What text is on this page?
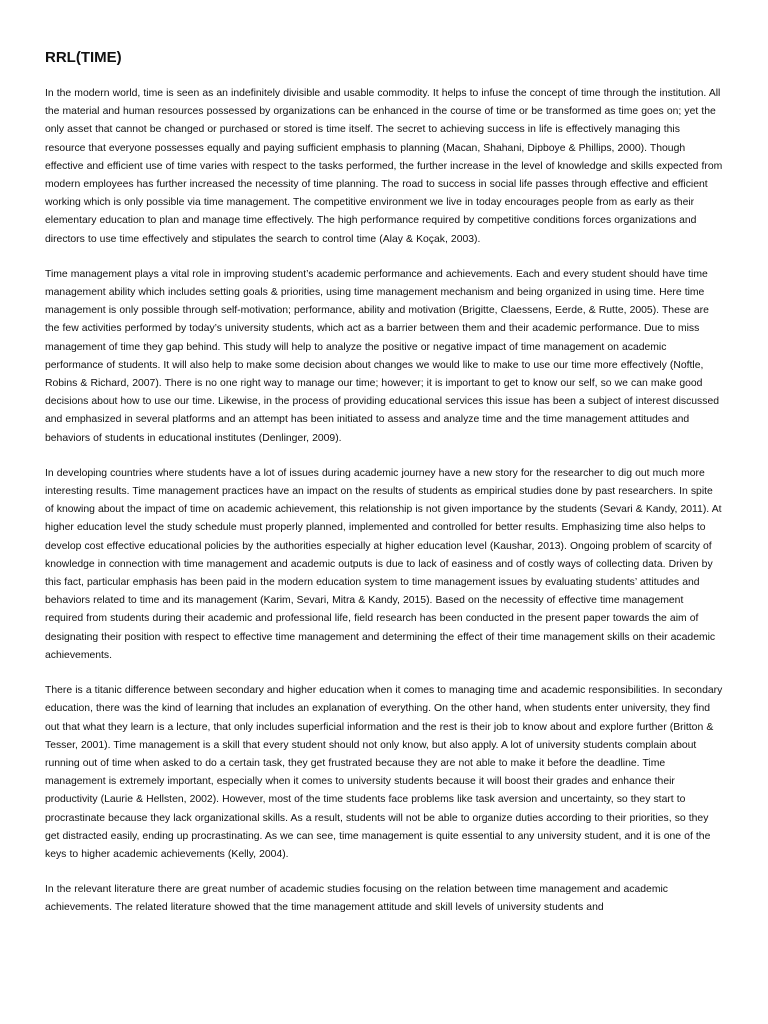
RRL(TIME)

In the modern world, time is seen as an indefinitely divisible and usable commodity. It helps to infuse the concept of time through the institution. All the material and human resources possessed by organizations can be enhanced in the course of time or be transformed as time goes on; yet the only asset that cannot be changed or purchased or stored is time itself. The secret to achieving success in life is effectively managing this resource that everyone possesses equally and paying sufficient emphasis to planning (Macan, Shahani, Dipboye & Phillips, 2000). Though effective and efficient use of time varies with respect to the tasks performed, the further increase in the level of knowledge and skills expected from modern employees has further increased the necessity of time planning. The road to success in social life passes through effective and efficient working which is only possible via time management. The competitive environment we live in today encourages people from as early as their elementary education to plan and manage time effectively. The high performance required by competitive conditions forces organizations and directors to use time effectively and stipulates the search to control time (Alay & Koçak, 2003).

Time management plays a vital role in improving student’s academic performance and achievements. Each and every student should have time management ability which includes setting goals & priorities, using time management mechanism and being organized in using time. Here time management is only possible through self-motivation; performance, ability and motivation (Brigitte, Claessens, Eerde, & Rutte, 2005). These are the few activities performed by today’s university students, which act as a barrier between them and their academic performance. Due to miss management of time they gap behind. This study will help to analyze the positive or negative impact of time management on academic performance of students. It will also help to make some decision about changes we would like to make to use our time more effectively (Noftle, Robins & Richard, 2007). There is no one right way to manage our time; however; it is important to get to know our self, so we can make good decisions about how to use our time. Likewise, in the process of providing educational services this issue has been a subject of interest discussed and emphasized in several platforms and an attempt has been initiated to assess and analyze time and the time management attitudes and behaviors of students in educational institutes (Denlinger, 2009).

In developing countries where students have a lot of issues during academic journey have a new story for the researcher to dig out much more interesting results. Time management practices have an impact on the results of students as empirical studies done by past researchers. In spite of knowing about the impact of time on academic achievement, this relationship is not given importance by the students (Sevari & Kandy, 2011). At higher education level the study schedule must properly planned, implemented and controlled for better results. Emphasizing time also helps to develop cost effective educational policies by the authorities especially at higher education level (Kaushar, 2013). Ongoing problem of scarcity of knowledge in connection with time management and academic outputs is due to lack of easiness and of costly ways of collecting data. Driven by this fact, particular emphasis has been paid in the modern education system to time management issues by evaluating students’ attitudes and behaviors related to time and its management (Karim, Sevari, Mitra & Kandy, 2015). Based on the necessity of effective time management required from students during their academic and professional life, field research has been conducted in the present paper towards the aim of designating their position with respect to effective time management and determining the effect of their time management skills on their academic achievements.

There is a titanic difference between secondary and higher education when it comes to managing time and academic responsibilities. In secondary education, there was the kind of learning that includes an explanation of everything. On the other hand, when students enter university, they find out that what they learn is a lecture, that only includes superficial information and the rest is their job to know about and explore further (Britton & Tesser, 2001). Time management is a skill that every student should not only know, but also apply. A lot of university students complain about running out of time when asked to do a certain task, they get frustrated because they are not able to make it before the deadline. Time management is extremely important, especially when it comes to university students because it will boost their grades and enhance their productivity (Laurie & Hellsten, 2002). However, most of the time students face problems like task aversion and uncertainty, so they start to procrastinate because they lack organizational skills. As a result, students will not be able to organize duties according to their priorities, so they get distracted easily, ending up procrastinating. As we can see, time management is quite essential to any university student, and it is one of the keys to higher academic achievements (Kelly, 2004).

In the relevant literature there are great number of academic studies focusing on the relation between time management and academic achievements. The related literature showed that the time management attitude and skill levels of university students and
